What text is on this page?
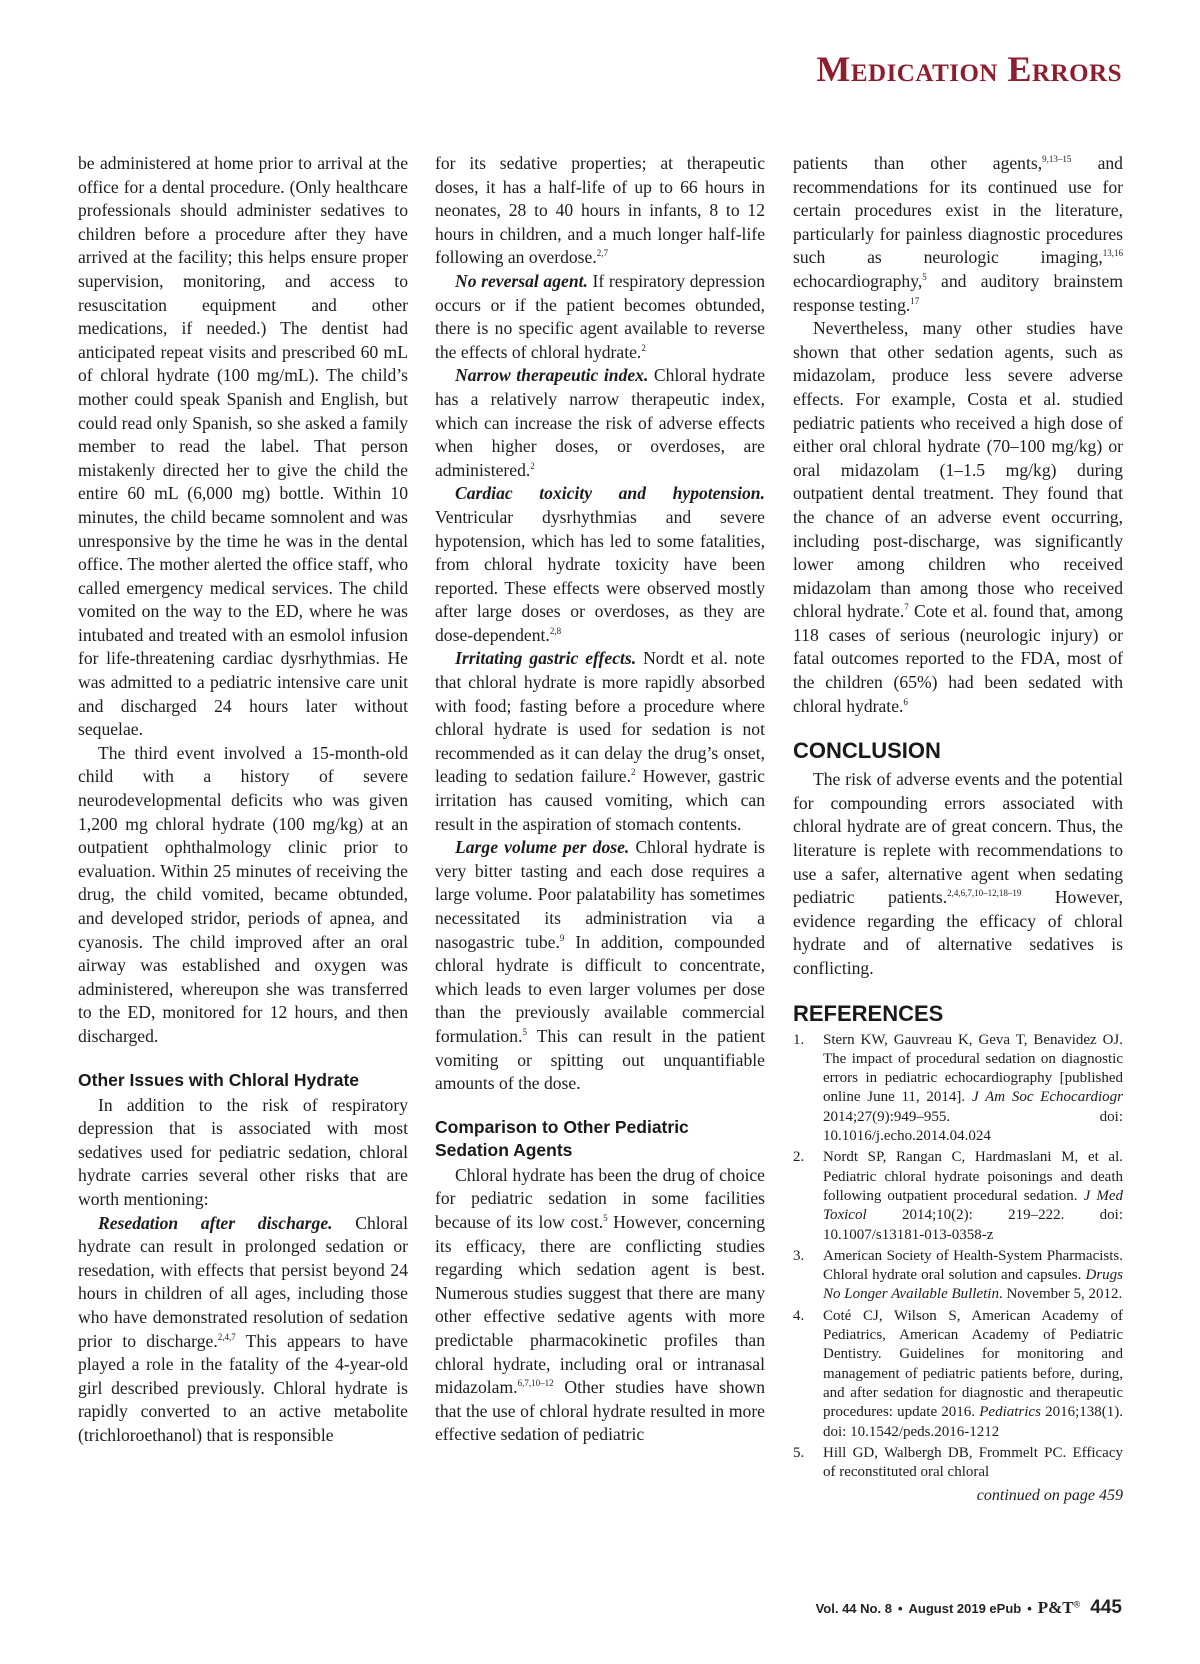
Medication Errors

be administered at home prior to arrival at the office for a dental procedure. (Only healthcare professionals should administer sedatives to children before a procedure after they have arrived at the facility; this helps ensure proper supervision, monitoring, and access to resuscitation equipment and other medications, if needed.) The dentist had anticipated repeat visits and prescribed 60 mL of chloral hydrate (100 mg/mL). The child’s mother could speak Spanish and English, but could read only Spanish, so she asked a family member to read the label. That person mistakenly directed her to give the child the entire 60 mL (6,000 mg) bottle. Within 10 minutes, the child became somnolent and was unresponsive by the time he was in the dental office. The mother alerted the office staff, who called emergency medical services. The child vomited on the way to the ED, where he was intubated and treated with an esmolol infusion for life-threatening cardiac dysrhythmias. He was admitted to a pediatric intensive care unit and discharged 24 hours later without sequelae.

The third event involved a 15-month-old child with a history of severe neurodevelopmental deficits who was given 1,200 mg chloral hydrate (100 mg/kg) at an outpatient ophthalmology clinic prior to evaluation. Within 25 minutes of receiving the drug, the child vomited, became obtunded, and developed stridor, periods of apnea, and cyanosis. The child improved after an oral airway was established and oxygen was administered, whereupon she was transferred to the ED, monitored for 12 hours, and then discharged.

Other Issues with Chloral Hydrate

In addition to the risk of respiratory depression that is associated with most sedatives used for pediatric sedation, chloral hydrate carries several other risks that are worth mentioning:

Resedation after discharge. Chloral hydrate can result in prolonged sedation or resedation, with effects that persist beyond 24 hours in children of all ages, including those who have demonstrated resolution of sedation prior to discharge.$^{2,4,7}$ This appears to have played a role in the fatality of the 4-year-old girl described previously. Chloral hydrate is rapidly converted to an active metabolite (trichloroethanol) that is responsible

for its sedative properties; at therapeutic doses, it has a half-life of up to 66 hours in neonates, 28 to 40 hours in infants, 8 to 12 hours in children, and a much longer half-life following an overdose.$^{2,7}$

No reversal agent. If respiratory depression occurs or if the patient becomes obtunded, there is no specific agent available to reverse the effects of chloral hydrate.$^2$

Narrow therapeutic index. Chloral hydrate has a relatively narrow therapeutic index, which can increase the risk of adverse effects when higher doses, or overdoses, are administered.$^2$

Cardiac toxicity and hypotension. Ventricular dysrhythmias and severe hypotension, which has led to some fatalities, from chloral hydrate toxicity have been reported. These effects were observed mostly after large doses or overdoses, as they are dose-dependent.$^{2,8}$

Irritating gastric effects. Nordt et al. note that chloral hydrate is more rapidly absorbed with food; fasting before a procedure where chloral hydrate is used for sedation is not recommended as it can delay the drug’s onset, leading to sedation failure.$^2$ However, gastric irritation has caused vomiting, which can result in the aspiration of stomach contents.

Large volume per dose. Chloral hydrate is very bitter tasting and each dose requires a large volume. Poor palatability has sometimes necessitated its administration via a nasogastric tube.$^9$ In addition, compounded chloral hydrate is difficult to concentrate, which leads to even larger volumes per dose than the previously available commercial formulation.$^5$ This can result in the patient vomiting or spitting out unquantifiable amounts of the dose.

Comparison to Other Pediatric Sedation Agents

Chloral hydrate has been the drug of choice for pediatric sedation in some facilities because of its low cost.$^5$ However, concerning its efficacy, there are conflicting studies regarding which sedation agent is best. Numerous studies suggest that there are many other effective sedative agents with more predictable pharmacokinetic profiles than chloral hydrate, including oral or intranasal midazolam.$^{6,7,10-12}$ Other studies have shown that the use of chloral hydrate resulted in more effective sedation of pediatric

patients than other agents,$^{9,13-15}$ and recommendations for its continued use for certain procedures exist in the literature, particularly for painless diagnostic procedures such as neurologic imaging,$^{13,16}$ echocardiography,$^5$ and auditory brainstem response testing.$^{17}$

Nevertheless, many other studies have shown that other sedation agents, such as midazolam, produce less severe adverse effects. For example, Costa et al. studied pediatric patients who received a high dose of either oral chloral hydrate (70–100 mg/kg) or oral midazolam (1–1.5 mg/kg) during outpatient dental treatment. They found that the chance of an adverse event occurring, including post-discharge, was significantly lower among children who received midazolam than among those who received chloral hydrate.$^7$ Cote et al. found that, among 118 cases of serious (neurologic injury) or fatal outcomes reported to the FDA, most of the children (65%) had been sedated with chloral hydrate.$^6$

CONCLUSION

The risk of adverse events and the potential for compounding errors associated with chloral hydrate are of great concern. Thus, the literature is replete with recommendations to use a safer, alternative agent when sedating pediatric patients.$^{2,4,6,7,10-12,18-19}$ However, evidence regarding the efficacy of chloral hydrate and of alternative sedatives is conflicting.

REFERENCES
1. Stern KW, Gauvreau K, Geva T, Benavidez OJ. The impact of procedural sedation on diagnostic errors in pediatric echocardiography [published online June 11, 2014]. J Am Soc Echocardiogr 2014;27(9):949–955. doi: 10.1016/j.echo.2014.04.024
2. Nordt SP, Rangan C, Hardmaslani M, et al. Pediatric chloral hydrate poisonings and death following outpatient procedural sedation. J Med Toxicol 2014;10(2): 219–222. doi: 10.1007/s13181-013-0358-z
3. American Society of Health-System Pharmacists. Chloral hydrate oral solution and capsules. Drugs No Longer Available Bulletin. November 5, 2012.
4. Coté CJ, Wilson S, American Academy of Pediatrics, American Academy of Pediatric Dentistry. Guidelines for monitoring and management of pediatric patients before, during, and after sedation for diagnostic and therapeutic procedures: update 2016. Pediatrics 2016;138(1). doi: 10.1542/peds.2016-1212
5. Hill GD, Walbergh DB, Frommelt PC. Efficacy of reconstituted oral chloral
continued on page 459
Vol. 44 No. 8 • August 2019 ePub • P&T® 445
